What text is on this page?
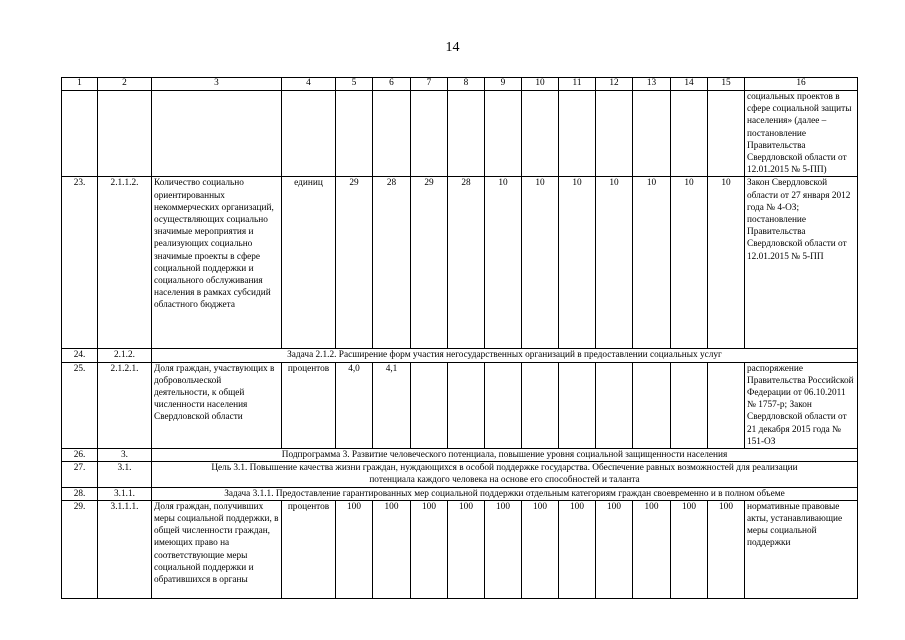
14
1	2	3	4	5	6	7	8	9	10	11	12	13	14	15	16
															социальных проектов в сфере социальной защиты населения» (далее – постановление Правительства Свердловской области от 12.01.2015 № 5-ПП)
23.	2.1.1.2.	Количество социально ориентированных некоммерческих организаций, осуществляющих социально значимые мероприятия и реализующих социально значимые проекты в сфере социальной поддержки и социального обслуживания населения в рамках субсидий областного бюджета	единиц	29	28	29	28	10	10	10	10	10	10	10	Закон Свердловской области от 27 января 2012 года № 4-ОЗ; постановление Правительства Свердловской области от 12.01.2015 № 5-ПП
24.	2.1.2.	Задача 2.1.2. Расширение форм участия негосударственных организаций в предоставлении социальных услуг													
25.	2.1.2.1.	Доля граждан, участвующих в добровольческой деятельности, к общей численности населения Свердловской области	процентов	4,0	4,1										распоряжение Правительства Российской Федерации от 06.10.2011 № 1757-р; Закон Свердловской области от 21 декабря 2015 года № 151-ОЗ
26.	3.	Подпрограмма 3. Развитие человеческого потенциала, повышение уровня социальной защищенности населения													
27.	3.1.	Цель 3.1. Повышение качества жизни граждан, нуждающихся в особой поддержке государства. Обеспечение равных возможностей для реализации
потенциала каждого человека на основе его способностей и таланта													

28.	3.1.1.	Задача 3.1.1. Предоставление гарантированных мер социальной поддержки отдельным категориям граждан своевременно и в полном объеме													
29.	3.1.1.1.	Доля граждан, получивших меры социальной поддержки, в общей численности граждан, имеющих право на соответствующие меры социальной поддержки и обратившихся в органы	процентов	100	100	100	100	100	100	100	100	100	100	100	нормативные правовые акты, устанавливающие меры социальной поддержки
